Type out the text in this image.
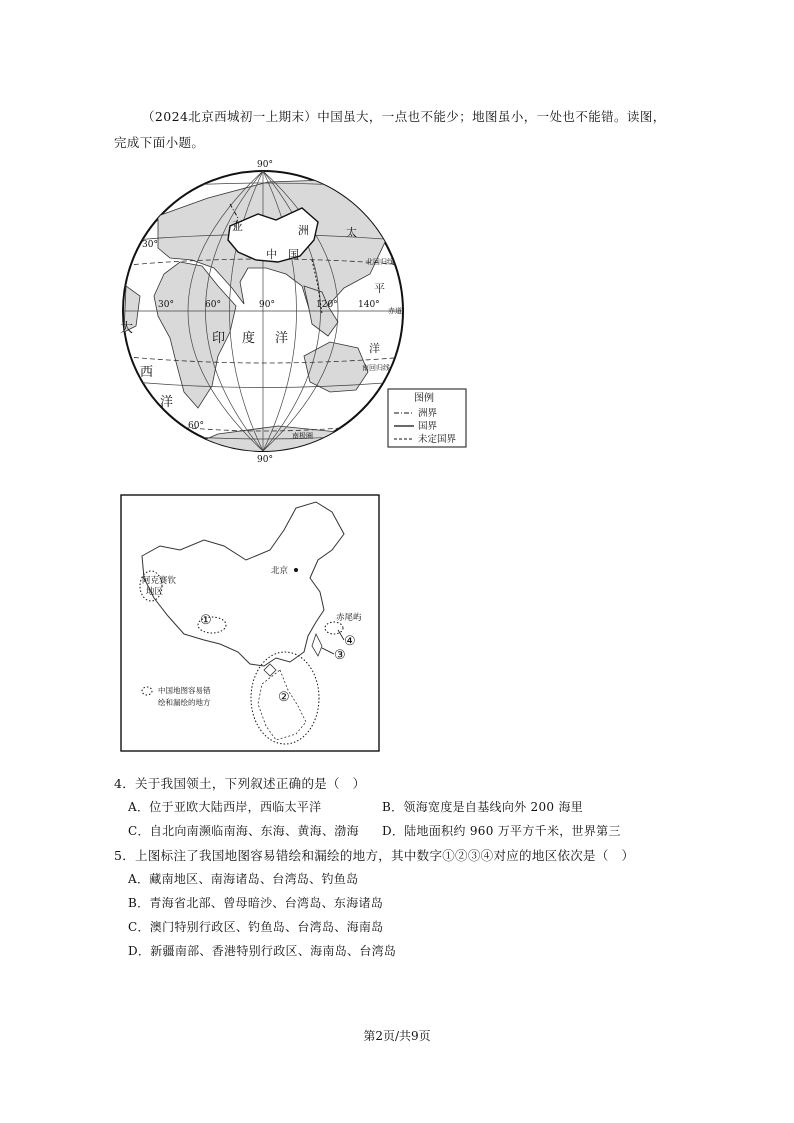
（2024北京西城初一上期末）中国虽大，一点也不能少；地图虽小，一处也不能错。读图，完成下面小题。
90°
90°
30°
60°
30°	60°	90°	120° 140°
亚	洲
中 国
太
平
洋
印 度 洋
大
西
洋
北回归线
赤道
南回归线
南极圈
图例
洲界
国界
未定国界
北京
阿克赛钦
地区
①
②
③
④
赤尾屿
中国地图容易错
绘和漏绘的地方
4．关于我国领土，下列叙述正确的是（　）
A．位于亚欧大陆西岸，西临太平洋	B．领海宽度是自基线向外 200 海里
C．自北向南濒临南海、东海、黄海、渤海 D．陆地面积约 960 万平方千米，世界第三
5．上图标注了我国地图容易错绘和漏绘的地方，其中数字①②③④对应的地区依次是（　）
A．藏南地区、南海诸岛、台湾岛、钓鱼岛
B．青海省北部、曾母暗沙、台湾岛、东海诸岛
C．澳门特别行政区、钓鱼岛、台湾岛、海南岛
D．新疆南部、香港特别行政区、海南岛、台湾岛
第2页/共9页
